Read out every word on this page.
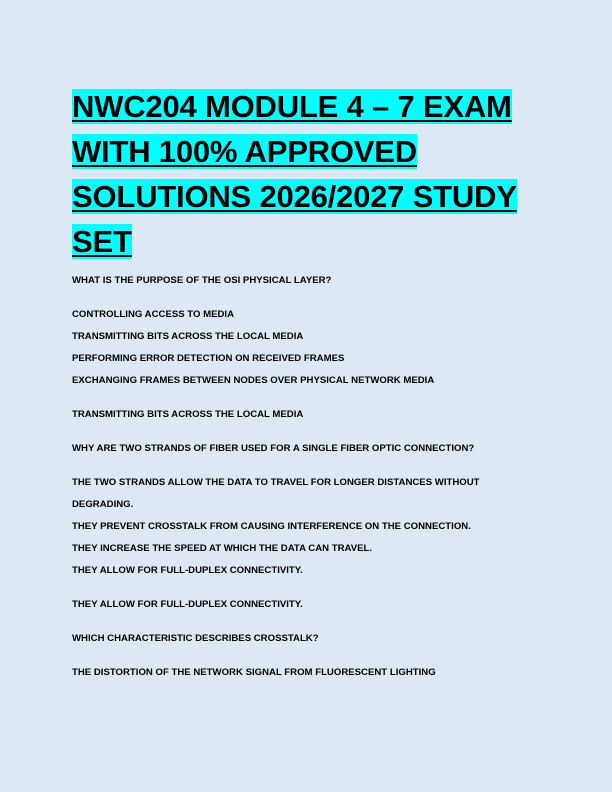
NWC204 MODULE 4 – 7 EXAM WITH 100% APPROVED SOLUTIONS 2026/2027 STUDY SET
WHAT IS THE PURPOSE OF THE OSI PHYSICAL LAYER?
CONTROLLING ACCESS TO MEDIA
TRANSMITTING BITS ACROSS THE LOCAL MEDIA
PERFORMING ERROR DETECTION ON RECEIVED FRAMES
EXCHANGING FRAMES BETWEEN NODES OVER PHYSICAL NETWORK MEDIA
TRANSMITTING BITS ACROSS THE LOCAL MEDIA
WHY ARE TWO STRANDS OF FIBER USED FOR A SINGLE FIBER OPTIC CONNECTION?
THE TWO STRANDS ALLOW THE DATA TO TRAVEL FOR LONGER DISTANCES WITHOUT DEGRADING.
THEY PREVENT CROSSTALK FROM CAUSING INTERFERENCE ON THE CONNECTION.
THEY INCREASE THE SPEED AT WHICH THE DATA CAN TRAVEL.
THEY ALLOW FOR FULL-DUPLEX CONNECTIVITY.
THEY ALLOW FOR FULL-DUPLEX CONNECTIVITY.
WHICH CHARACTERISTIC DESCRIBES CROSSTALK?
THE DISTORTION OF THE NETWORK SIGNAL FROM FLUORESCENT LIGHTING
